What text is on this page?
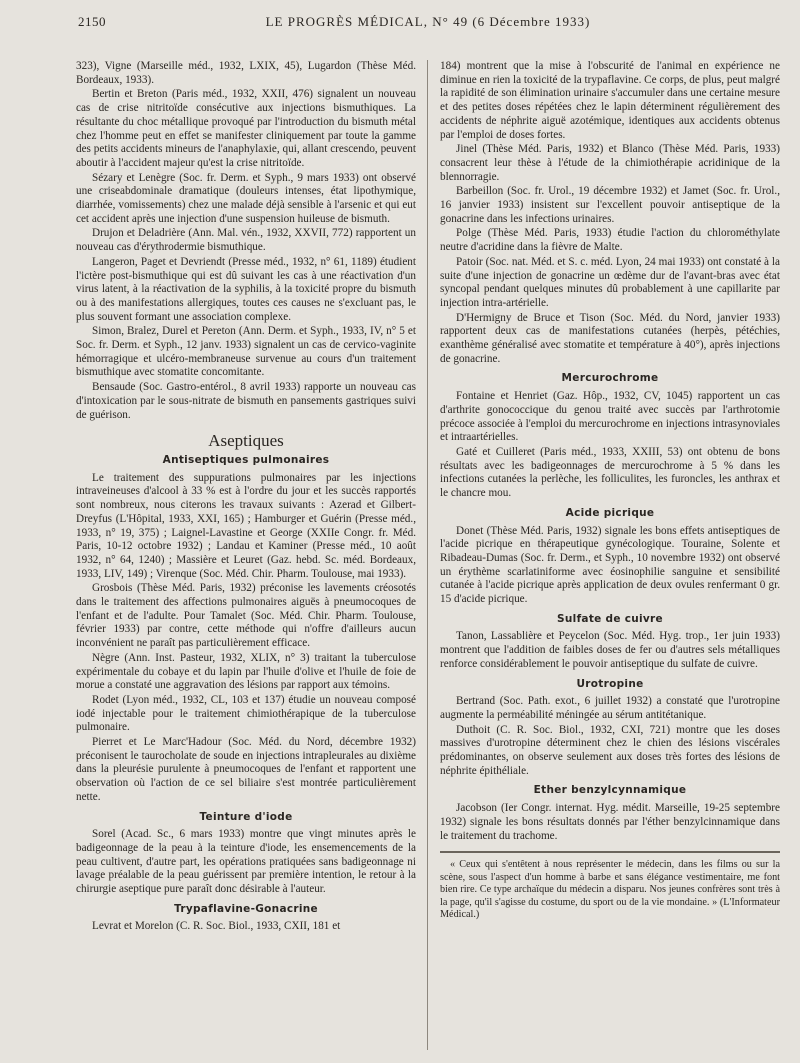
2150	LE PROGRÈS MÉDICAL, N° 49 (6 Décembre 1933)

323), Vigne (Marseille méd., 1932, LXIX, 45), Lugardon (Thèse Méd. Bordeaux, 1933).

Bertin et Breton (Paris méd., 1932, XXII, 476) signalent un nouveau cas de crise nitritoïde consécutive aux injections bismuthiques. La résultante du choc métallique provoqué par l'introduction du bismuth métal chez l'homme peut en effet se manifester cliniquement par toute la gamme des petits accidents mineurs de l'anaphylaxie, qui, allant crescendo, peuvent aboutir à l'accident majeur qu'est la crise nitritoïde.

Sézary et Lenègre (Soc. fr. Derm. et Syph., 9 mars 1933) ont observé une criseabdominale dramatique (douleurs intenses, état lipothymique, diarrhée, vomissements) chez une malade déjà sensible à l'arsenic et qui eut cet accident après une injection d'une suspension huileuse de bismuth.

Drujon et Deladrière (Ann. Mal. vén., 1932, XXVII, 772) rapportent un nouveau cas d'érythrodermie bismuthique.

Langeron, Paget et Devriendt (Presse méd., 1932, n° 61, 1189) étudient l'ictère post-bismuthique qui est dû suivant les cas à une réactivation d'un virus latent, à la réactivation de la syphilis, à la toxicité propre du bismuth ou à des manifestations allergiques, toutes ces causes ne s'excluant pas, le plus souvent formant une association complexe.

Simon, Bralez, Durel et Pereton (Ann. Derm. et Syph., 1933, IV, n° 5 et Soc. fr. Derm. et Syph., 12 janv. 1933) signalent un cas de cervico-vaginite hémorragique et ulcéro-membraneuse survenue au cours d'un traitement bismuthique avec stomatite concomitante.

Bensaude (Soc. Gastro-entérol., 8 avril 1933) rapporte un nouveau cas d'intoxication par le sous-nitrate de bismuth en pansements gastriques suivi de guérison.

Aseptiques
Antiseptiques pulmonaires

Le traitement des suppurations pulmonaires par les injections intraveineuses d'alcool à 33 % est à l'ordre du jour et les succès rapportés sont nombreux, nous citerons les travaux suivants : Azerad et Gilbert-Dreyfus (L'Hôpital, 1933, XXI, 165) ; Hamburger et Guérin (Presse méd., 1933, n° 19, 375) ; Laignel-Lavastine et George (XXIIe Congr. fr. Méd. Paris, 10-12 octobre 1932) ; Landau et Kaminer (Presse méd., 10 août 1932, n° 64, 1240) ; Massière et Leuret (Gaz. hebd. Sc. méd. Bordeaux, 1933, LIV, 149) ; Virenque (Soc. Méd. Chir. Pharm. Toulouse, mai 1933).

Grosbois (Thèse Méd. Paris, 1932) préconise les lavements créosotés dans le traitement des affections pulmonaires aiguës à pneumocoques de l'enfant et de l'adulte. Pour Tamalet (Soc. Méd. Chir. Pharm. Toulouse, février 1933) par contre, cette méthode qui n'offre d'ailleurs aucun inconvénient ne paraît pas particulièrement efficace.

Nègre (Ann. Inst. Pasteur, 1932, XLIX, n° 3) traitant la tuberculose expérimentale du cobaye et du lapin par l'huile d'olive et l'huile de foie de morue a constaté une aggravation des lésions par rapport aux témoins.

Rodet (Lyon méd., 1932, CL, 103 et 137) étudie un nouveau composé iodé injectable pour le traitement chimiothérapique de la tuberculose pulmonaire.

Pierret et Le Marc'Hadour (Soc. Méd. du Nord, décembre 1932) préconisent le taurocholate de soude en injections intrapleurales au dixième dans la pleurésie purulente à pneumocoques de l'enfant et rapportent une observation où l'action de ce sel biliaire s'est montrée particulièrement nette.

Teinture d'iode

Sorel (Acad. Sc., 6 mars 1933) montre que vingt minutes après le badigeonnage de la peau à la teinture d'iode, les ensemencements de la peau cultivent, d'autre part, les opérations pratiquées sans badigeonnage ni lavage préalable de la peau guérissent par première intention, le retour à la chirurgie aseptique pure paraît donc désirable à l'auteur.

Trypaflavine-Gonacrine

Levrat et Morelon (C. R. Soc. Biol., 1933, CXII, 181 et

184) montrent que la mise à l'obscurité de l'animal en expérience ne diminue en rien la toxicité de la trypaflavine. Ce corps, de plus, peut malgré la rapidité de son élimination urinaire s'accumuler dans une certaine mesure et des petites doses répétées chez le lapin déterminent régulièrement des accidents de néphrite aiguë azotémique, identiques aux accidents obtenus par l'emploi de doses fortes.

Jinel (Thèse Méd. Paris, 1932) et Blanco (Thèse Méd. Paris, 1933) consacrent leur thèse à l'étude de la chimiothérapie acridinique de la blennorragie.

Barbeillon (Soc. fr. Urol., 19 décembre 1932) et Jamet (Soc. fr. Urol., 16 janvier 1933) insistent sur l'excellent pouvoir antiseptique de la gonacrine dans les infections urinaires.

Polge (Thèse Méd. Paris, 1933) étudie l'action du chlorométhylate neutre d'acridine dans la fièvre de Malte.

Patoir (Soc. nat. Méd. et S. c. méd. Lyon, 24 mai 1933) ont constaté à la suite d'une injection de gonacrine un œdème dur de l'avant-bras avec état syncopal pendant quelques minutes dû probablement à une capillarite par injection intra-artérielle.

D'Hermigny de Bruce et Tison (Soc. Méd. du Nord, janvier 1933) rapportent deux cas de manifestations cutanées (herpès, pétéchies, exanthème généralisé avec stomatite et température à 40°), après injections de gonacrine.

Mercurochrome

Fontaine et Henriet (Gaz. Hôp., 1932, CV, 1045) rapportent un cas d'arthrite gonococcique du genou traité avec succès par l'arthrotomie précoce associée à l'emploi du mercurochrome en injections intrasynoviales et intraartérielles.

Gaté et Cuilleret (Paris méd., 1933, XXIII, 53) ont obtenu de bons résultats avec les badigeonnages de mercurochrome à 5 % dans les infections cutanées la perlèche, les folliculites, les furoncles, les anthrax et le chancre mou.

Acide picrique

Donet (Thèse Méd. Paris, 1932) signale les bons effets antiseptiques de l'acide picrique en thérapeutique gynécologique. Touraine, Solente et Ribadeau-Dumas (Soc. fr. Derm., et Syph., 10 novembre 1932) ont observé un érythème scarlatiniforme avec éosinophilie sanguine et sensibilité cutanée à l'acide picrique après application de deux ovules renfermant 0 gr. 15 d'acide picrique.

Sulfate de cuivre

Tanon, Lassablière et Peycelon (Soc. Méd. Hyg. trop., 1er juin 1933) montrent que l'addition de faibles doses de fer ou d'autres sels métalliques renforce considérablement le pouvoir antiseptique du sulfate de cuivre.

Urotropine

Bertrand (Soc. Path. exot., 6 juillet 1932) a constaté que l'urotropine augmente la perméabilité méningée au sérum antitétanique.

Duthoit (C. R. Soc. Biol., 1932, CXI, 721) montre que les doses massives d'urotropine déterminent chez le chien des lésions viscérales prédominantes, on observe seulement aux doses très fortes des lésions de néphrite épithéliale.

Ether benzylcynnamique

Jacobson (Ier Congr. internat. Hyg. médit. Marseille, 19-25 septembre 1932) signale les bons résultats donnés par l'éther benzylcinnamique dans le traitement du trachome.

« Ceux qui s'entêtent à nous représenter le médecin, dans les films ou sur la scène, sous l'aspect d'un homme à barbe et sans élégance vestimentaire, me font bien rire. Ce type archaïque du médecin a disparu. Nos jeunes confrères sont très à la page, qu'il s'agisse du costume, du sport ou de la vie mondaine. » (L'Informateur Médical.)
